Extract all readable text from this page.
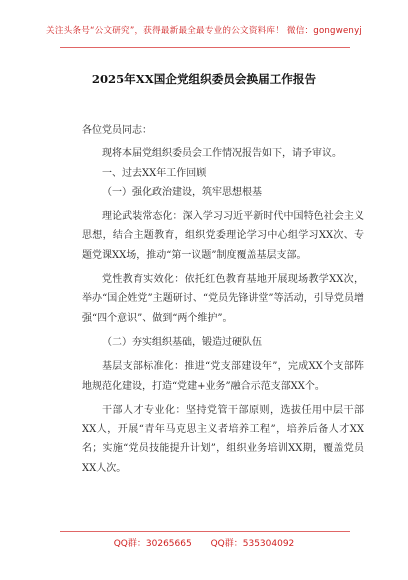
关注头条号“公文研究”，获得最新最全最专业的公文资料库！ 微信：gongwenyj
2025年XX国企党组织委员会换届工作报告

各位党员同志：

现将本届党组织委员会工作情况报告如下，请予审议。

一、过去XX年工作回顾

（一）强化政治建设，筑牢思想根基

理论武装常态化：深入学习习近平新时代中国特色社会主义思想，结合主题教育，组织党委理论学习中心组学习XX次、专题党课XX场，推动“第一议题”制度覆盖基层支部。

党性教育实效化：依托红色教育基地开展现场教学XX次，举办“国企姓党”主题研讨、“党员先锋讲堂”等活动，引导党员增强“四个意识”、做到“两个维护”。

（二）夯实组织基础，锻造过硬队伍

基层支部标准化：推进“党支部建设年”，完成XX个支部阵地规范化建设，打造“党建+业务”融合示范支部XX个。

干部人才专业化：坚持党管干部原则，选拔任用中层干部XX人，开展“青年马克思主义者培养工程”，培养后备人才XX名；实施“党员技能提升计划”，组织业务培训XX期，覆盖党员XX人次。

QQ群：30265665 QQ群：535304092
